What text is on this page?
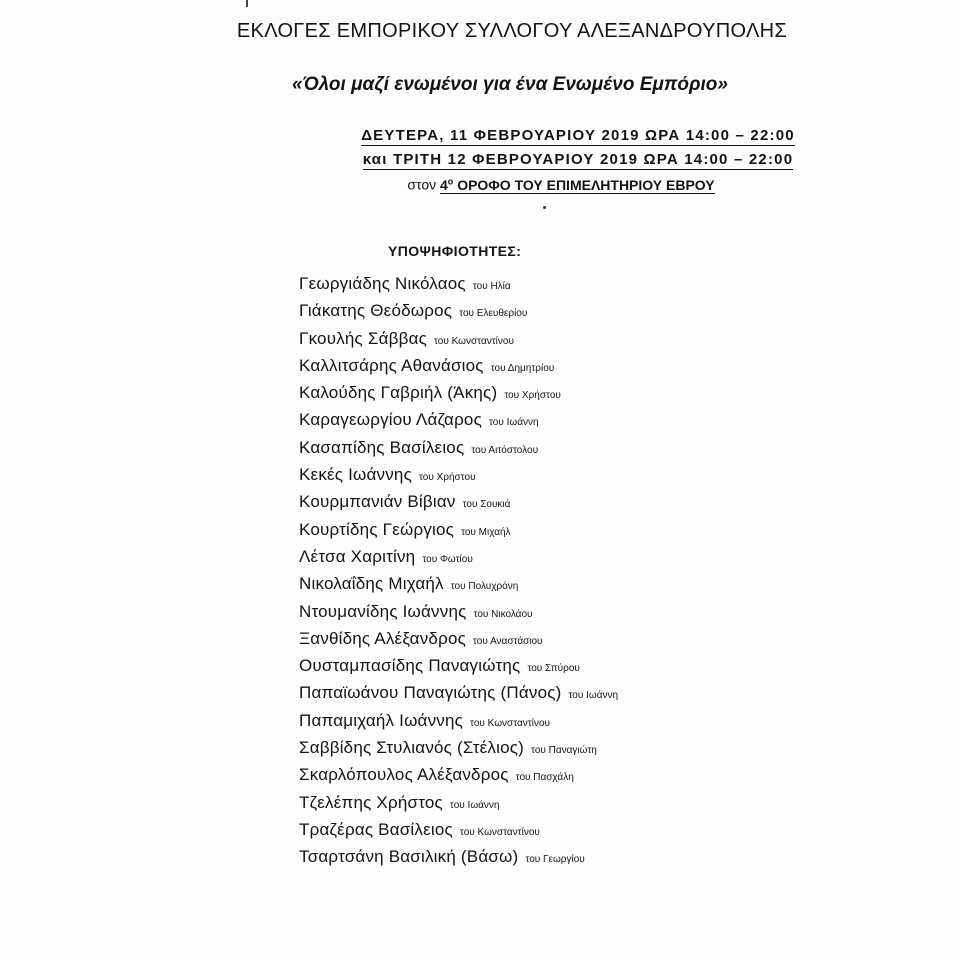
ΕΚΛΟΓΕΣ ΕΜΠΟΡΙΚΟΥ ΣΥΛΛΟΓΟΥ ΑΛΕΞΑΝΔΡΟΥΠΟΛΗΣ
«Όλοι μαζί ενωμένοι για ένα Ενωμένο Εμπόριο»
ΔΕΥΤΕΡΑ, 11 ΦΕΒΡΟΥΑΡΙΟΥ 2019 ΩΡΑ 14:00 – 22:00
και ΤΡΙΤΗ 12 ΦΕΒΡΟΥΑΡΙΟΥ 2019 ΩΡΑ 14:00 – 22:00
στον $4^o$ ΟΡΟΦΟ ΤΟΥ ΕΠΙΜΕΛΗΤΗΡΙΟΥ ΕΒΡΟΥ
ΥΠΟΨΗΦΙΟΤΗΤΕΣ:
Γεωργιάδης Νικόλαος του Ηλία
Γιάκατης Θεόδωρος του Ελευθερίου
Γκουλής Σάββας του Κωνσταντίνου
Καλλιτσάρης Αθανάσιος του Δημητρίου
Καλούδης Γαβριήλ (Άκης) του Χρήστου
Καραγεωργίου Λάζαρος του Ιωάννη
Κασαπίδης Βασίλειος του Αιτόστολου
Κεκές Ιωάννης του Χρήστου
Κουρμπανιάν Βίβιαν του Σουκιά
Κουρτίδης Γεώργιος του Μιχαήλ
Λέτσα Χαριτίνη του Φωτίου
Νικολαΐδης Μιχαήλ του Πολυχρόνη
Ντουμανίδης Ιωάννης του Νικολάου
Ξανθίδης Αλέξανδρος του Αναστάσιου
Ουσταμπασίδης Παναγιώτης του Σπύρου
Παπαϊωάνου Παναγιώτης (Πάνος) του Ιωάννη
Παπαμιχαήλ Ιωάννης του Κωνσταντίνου
Σαββίδης Στυλιανός (Στέλιος) του Παναγιώτη
Σκαρλόπουλος Αλέξανδρος του Πασχάλη
Τζελέπης Χρήστος του Ιωάννη
Τραζέρας Βασίλειος του Κωνσταντίνου
Τσαρτσάνη Βασιλική (Βάσω) του Γεωργίου
